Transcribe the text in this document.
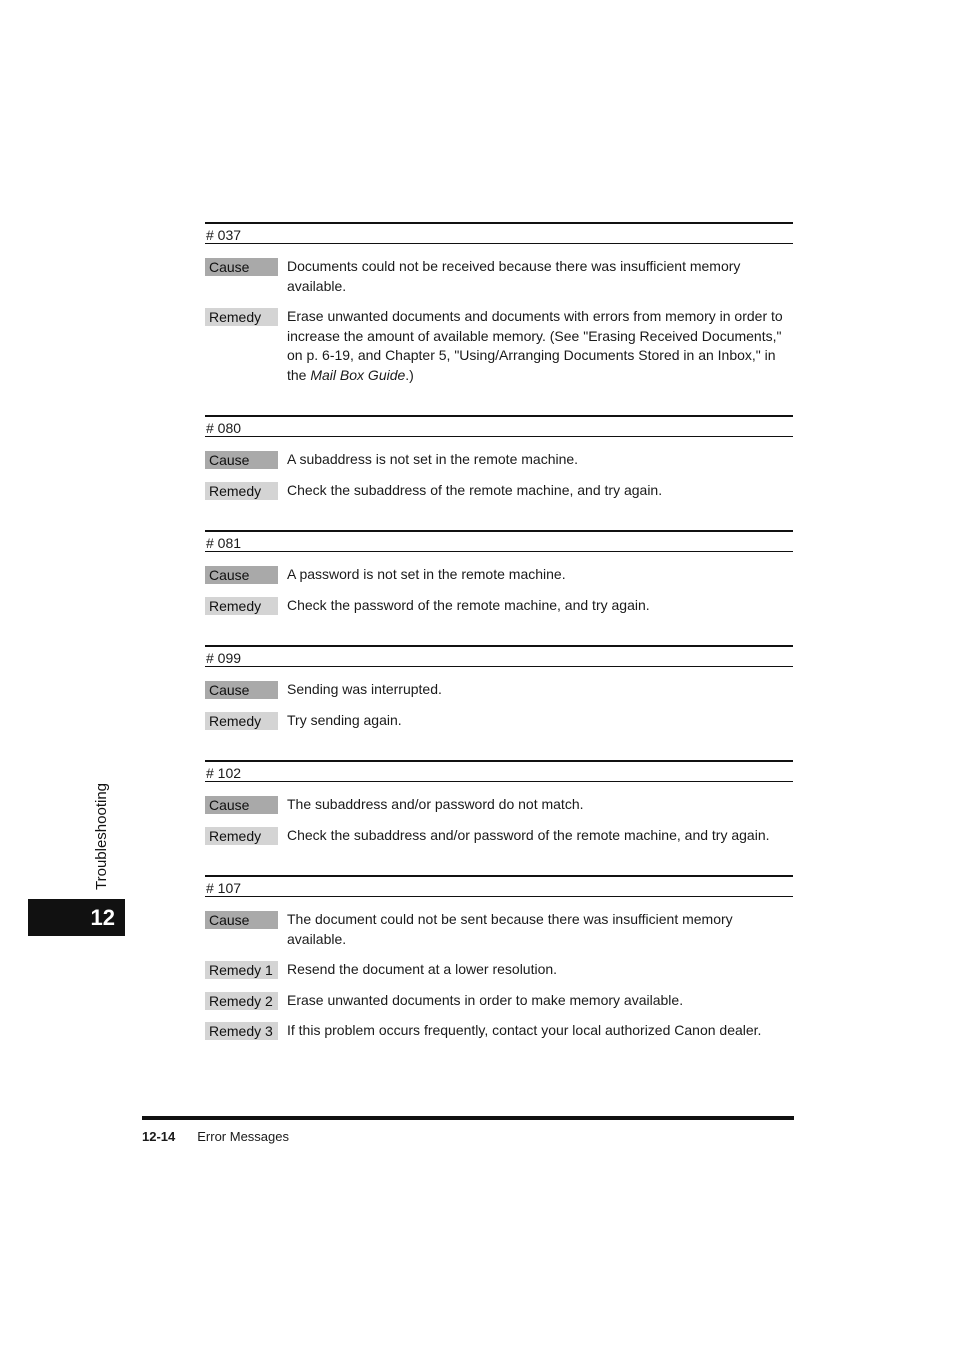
# 037
Cause	Documents could not be received because there was insufficient memory available.
Remedy	Erase unwanted documents and documents with errors from memory in order to increase the amount of available memory. (See "Erasing Received Documents," on p. 6-19, and Chapter 5, "Using/Arranging Documents Stored in an Inbox," in the Mail Box Guide.)
# 080
Cause	A subaddress is not set in the remote machine.
Remedy	Check the subaddress of the remote machine, and try again.
# 081
Cause	A password is not set in the remote machine.
Remedy	Check the password of the remote machine, and try again.
# 099
Cause	Sending was interrupted.
Remedy	Try sending again.
# 102
Cause	The subaddress and/or password do not match.
Remedy	Check the subaddress and/or password of the remote machine, and try again.
# 107
Cause	The document could not be sent because there was insufficient memory available.
Remedy 1	Resend the document at a lower resolution.
Remedy 2	Erase unwanted documents in order to make memory available.
Remedy 3	If this problem occurs frequently, contact your local authorized Canon dealer.
Troubleshooting
12
12-14 Error Messages
